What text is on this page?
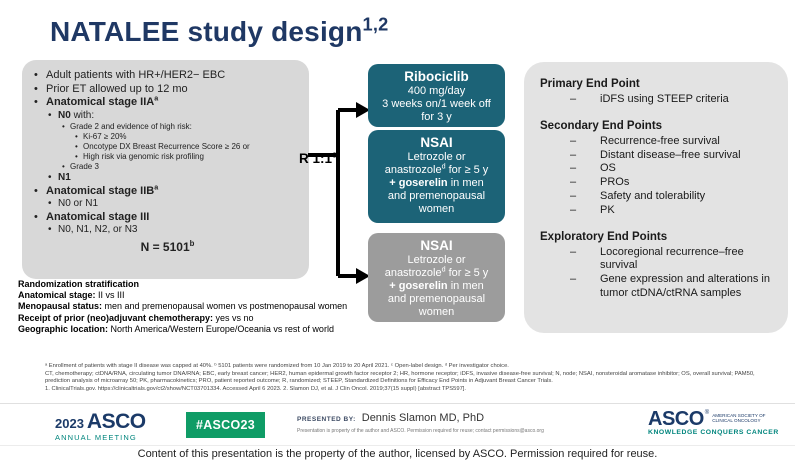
NATALEE study design$^{1,2}$
• Adult patients with HR+/HER2− EBC
• Prior ET allowed up to 12 mo
• Anatomical stage IIA$^a$
• N0 with:
• Grade 2 and evidence of high risk:
• Ki-67 ≥ 20%
• Oncotype DX Breast Recurrence Score ≥ 26 or
• High risk via genomic risk profiling
• Grade 3
• N1
• Anatomical stage IIB$^a$
• N0 or N1
• Anatomical stage III
• N0, N1, N2, or N3
$N = 5101^b$
R 1:1$^c$
Ribociclib
400 mg/day
3 weeks on/1 week off
for 3 y
NSAI
Letrozole or
anastrozole$^d$ for ≥ 5 y
+ goserelin in men
and premenopausal
women
NSAI
Letrozole or
anastrozole$^d$ for ≥ 5 y
+ goserelin in men
and premenopausal
women
Primary End Point
– iDFS using STEEP criteria
Secondary End Points
– Recurrence-free survival
– Distant disease–free survival
– OS
– PROs
– Safety and tolerability
– PK
Exploratory End Points
– Locoregional recurrence–free survival
– Gene expression and alterations in tumor ctDNA/ctRNA samples
Randomization stratification
Anatomical stage: II vs III
Menopausal status: men and premenopausal women vs postmenopausal women
Receipt of prior (neo)adjuvant chemotherapy: yes vs no
Geographic location: North America/Western Europe/Oceania vs rest of world
ᵃ Enrollment of patients with stage II disease was capped at 40%. ᵇ 5101 patients were randomized from 10 Jan 2019 to 20 April 2021. ᶜ Open-label design. ᵈ Per investigator choice.
CT, chemotherapy; ctDNA/RNA, circulating tumor DNA/RNA; EBC, early breast cancer; HER2, human epidermal growth factor receptor 2; HR, hormone receptor; iDFS, invasive disease-free survival; N, node; NSAI, nonsteroidal aromatase inhibitor; OS, overall survival; PAM50,
prediction analysis of microarray 50; PK, pharmacokinetics; PRO, patient reported outcome; R, randomized; STEEP, Standardized Definitions for Efficacy End Points in Adjuvant Breast Cancer Trials.
1. ClinicalTrials.gov. https://clinicaltrials.gov/ct2/show/NCT03701334. Accessed April 6 2023. 2. Slamon DJ, et al. J Clin Oncol. 2019;37(15 suppl) [abstract TPS597].
2023 ASCO
ANNUAL MEETING
#ASCO23	PRESENTED BY: Dennis Slamon MD, PhD
Presentation is property of the author and ASCO. Permission required for reuse; contact permissions@asco.org
ASCO ® AMERICAN SOCIETY OF
CLINICAL ONCOLOGY
KNOWLEDGE CONQUERS CANCER
Content of this presentation is the property of the author, licensed by ASCO. Permission required for reuse.
